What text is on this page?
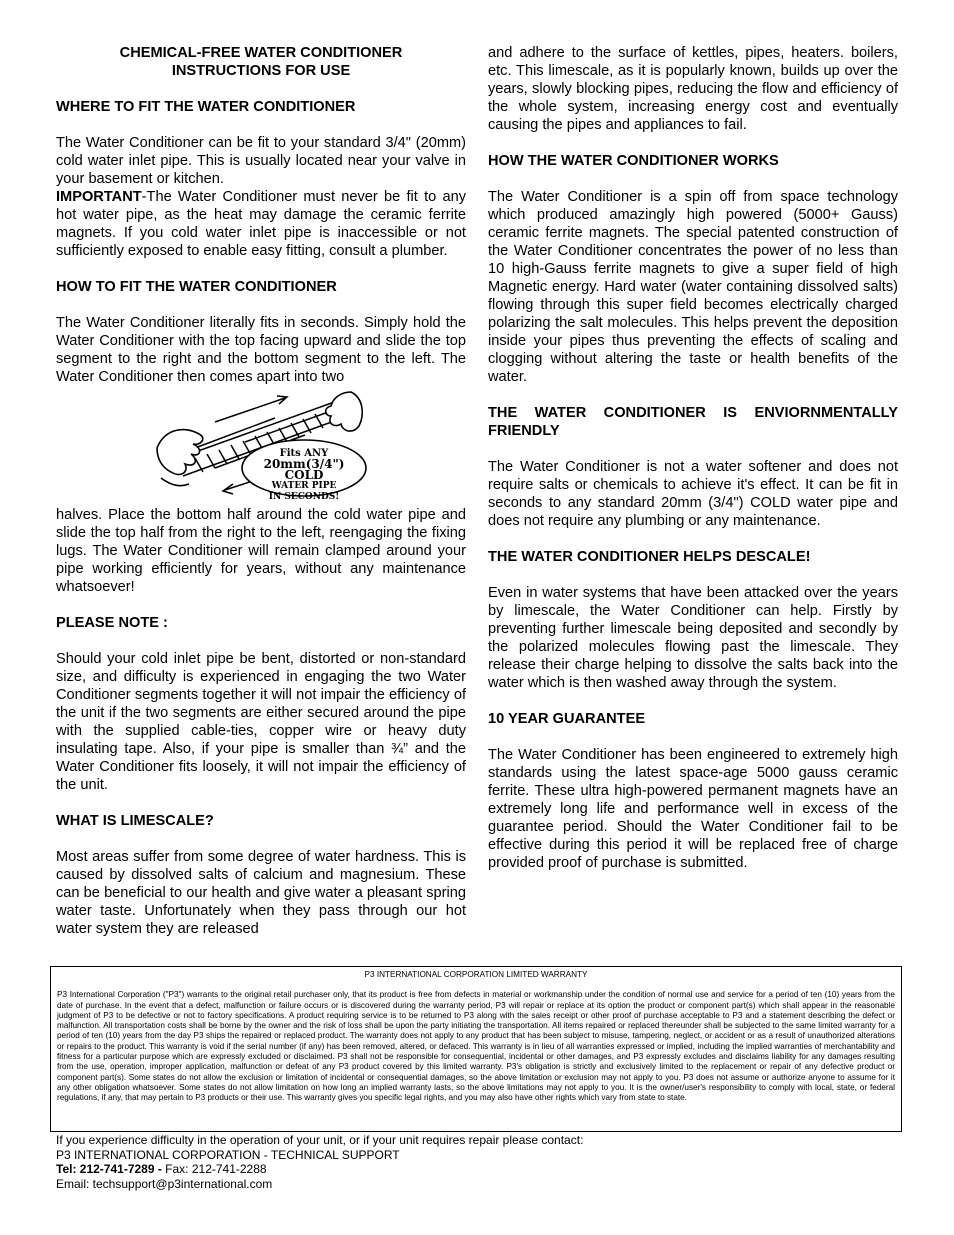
CHEMICAL-FREE WATER CONDITIONER
INSTRUCTIONS FOR USE
WHERE TO FIT THE WATER CONDITIONER

The Water Conditioner can be fit to your standard 3/4" (20mm) cold water inlet pipe. This is usually located near your valve in your basement or kitchen.

IMPORTANT-The Water Conditioner must never be fit to any hot water pipe, as the heat may damage the ceramic ferrite magnets. If you cold water inlet pipe is inaccessible or not sufficiently exposed to enable easy fitting, consult a plumber.

HOW TO FIT THE WATER CONDITIONER

The Water Conditioner literally fits in seconds. Simply hold the Water Conditioner with the top facing upward and slide the top segment to the right and the bottom segment to the left. The Water Conditioner then comes apart into two

Fits ANY
20mm(3/4") COLD
WATER PIPE
IN SECONDS!

halves. Place the bottom half around the cold water pipe and slide the top half from the right to the left, reengaging the fixing lugs. The Water Conditioner will remain clamped around your pipe working efficiently for years, without any maintenance whatsoever!

PLEASE NOTE :

Should your cold inlet pipe be bent, distorted or non-standard size, and difficulty is experienced in engaging the two Water Conditioner segments together it will not impair the efficiency of the unit if the two segments are either secured around the pipe with the supplied cable-ties, copper wire or heavy duty insulating tape. Also, if your pipe is smaller than ¾” and the Water Conditioner fits loosely, it will not impair the efficiency of the unit.

WHAT IS LIMESCALE?

Most areas suffer from some degree of water hardness. This is caused by dissolved salts of calcium and magnesium. These can be beneficial to our health and give water a pleasant spring water taste. Unfortunately when they pass through our hot water system they are released

and adhere to the surface of kettles, pipes, heaters. boilers, etc. This limescale, as it is popularly known, builds up over the years, slowly blocking pipes, reducing the flow and efficiency of the whole system, increasing energy cost and eventually causing the pipes and appliances to fail.

HOW THE WATER CONDITIONER WORKS

The Water Conditioner is a spin off from space technology which produced amazingly high powered (5000+ Gauss) ceramic ferrite magnets. The special patented construction of the Water Conditioner concentrates the power of no less than 10 high-Gauss ferrite magnets to give a super field of high Magnetic energy. Hard water (water containing dissolved salts) flowing through this super field becomes electrically charged polarizing the salt molecules. This helps prevent the deposition inside your pipes thus preventing the effects of scaling and clogging without altering the taste or health benefits of the water.

THE WATER CONDITIONER IS ENVIORNMENTALLY FRIENDLY

The Water Conditioner is not a water softener and does not require salts or chemicals to achieve it's effect. It can be fit in seconds to any standard 20mm (3/4") COLD water pipe and does not require any plumbing or any maintenance.

THE WATER CONDITIONER HELPS DESCALE!

Even in water systems that have been attacked over the years by limescale, the Water Conditioner can help. Firstly by preventing further limescale being deposited and secondly by the polarized molecules flowing past the limescale. They release their charge helping to dissolve the salts back into the water which is then washed away through the system.

10 YEAR GUARANTEE

The Water Conditioner has been engineered to extremely high standards using the latest space-age 5000 gauss ceramic ferrite. These ultra high-powered permanent magnets have an extremely long life and performance well in excess of the guarantee period. Should the Water Conditioner fail to be effective during this period it will be replaced free of charge provided proof of purchase is submitted.

P3 INTERNATIONAL CORPORATION LIMITED WARRANTY
P3 International Corporation ("P3") warrants to the original retail purchaser only, that its product is free from defects in material or workmanship under the condition of normal use and service for a period of ten (10) years from the date of purchase. In the event that a defect, malfunction or failure occurs or is discovered during the warranty period, P3 will repair or replace at its option the product or component part(s) which shall appear in the reasonable judgment of P3 to be defective or not to factory specifications. A product requiring service is to be returned to P3 along with the sales receipt or other proof of purchase acceptable to P3 and a statement describing the defect or malfunction. All transportation costs shall be borne by the owner and the risk of loss shall be upon the party initiating the transportation. All items repaired or replaced thereunder shall be subjected to the same limited warranty for a period of ten (10) years from the day P3 ships the repaired or replaced product. The warranty does not apply to any product that has been subject to misuse, tampering, neglect, or accident or as a result of unauthorized alterations or repairs to the product. This warranty is void if the serial number (if any) has been removed, altered, or defaced. This warranty is in lieu of all warranties expressed or implied, including the implied warranties of merchantability and fitness for a particular purpose which are expressly excluded or disclaimed. P3 shall not be responsible for consequential, incidental or other damages, and P3 expressly excludes and disclaims liability for any damages resulting from the use, operation, improper application, malfunction or defeat of any P3 product covered by this limited warranty. P3's obligation is strictly and exclusively limited to the replacement or repair of any defective product or component part(s). Some states do not allow the exclusion or limitation of incidental or consequential damages, so the above limitation or exclusion may not apply to you. P3 does not assume or authorize anyone to assume for it any other obligation whatsoever. Some states do not allow limitation on how long an implied warranty lasts, so the above limitations may not apply to you. It is the owner/user's responsibility to comply with local, state, or federal regulations, if any, that may pertain to P3 products or their use. This warranty gives you specific legal rights, and you may also have other rights which vary from state to state.
If you experience difficulty in the operation of your unit, or if your unit requires repair please contact:
P3 INTERNATIONAL CORPORATION - TECHNICAL SUPPORT
Tel: 212-741-7289 - Fax: 212-741-2288
Email: techsupport@p3international.com
